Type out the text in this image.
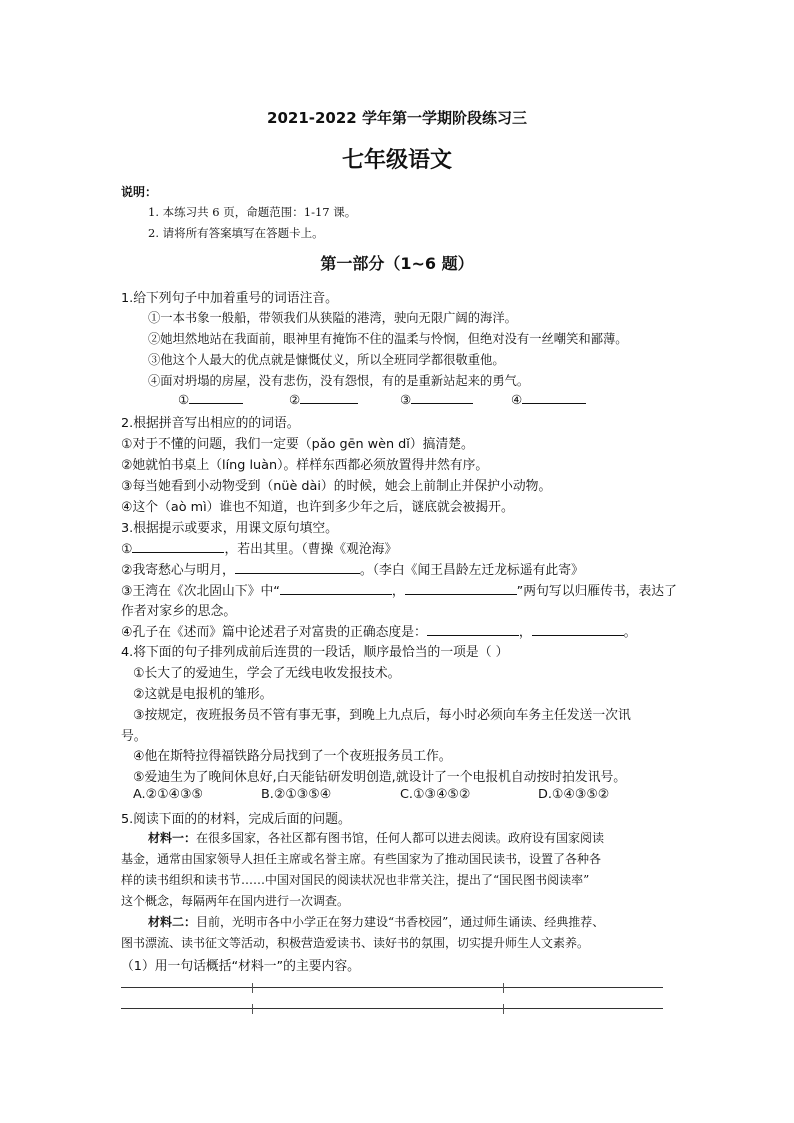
2021-2022 学年第一学期阶段练习三
七年级语文
说明：
1. 本练习共 6 页，命题范围：1-17 课。
2. 请将所有答案填写在答题卡上。
第一部分（1~6 题）
1.给下列句子中加着重号的词语注音。
①一本书象一般船，带领我们从狭隘的港湾，驶向无限广阔的海洋。
②她坦然地站在我面前，眼神里有掩饰不住的温柔与怜悯，但绝对没有一丝嘲笑和鄙薄。
③他这个人最大的优点就是慷慨仗义，所以全班同学都很敬重他。
④面对坍塌的房屋，没有悲伤，没有怨恨，有的是重新站起来的勇气。
①	②	③	④
2.根据拼音写出相应的的词语。
①对于不懂的问题，我们一定要（pǎo gēn wèn dǐ）搞清楚。
②她就怕书桌上（líng luàn）。样样东西都必须放置得井然有序。
③每当她看到小动物受到（nüè dài）的时候，她会上前制止并保护小动物。
④这个（aò mì）谁也不知道，也许到多少年之后，谜底就会被揭开。
3.根据提示或要求，用课文原句填空。
①	，若出其里。（曹操《观沧海》
②我寄愁心与明月，	。（李白《闻王昌龄左迁龙标遥有此寄》
③王湾在《次北固山下》中“	，	”两句写以归雁传书，表达了
作者对家乡的思念。
④孔子在《述而》篇中论述君子对富贵的正确态度是：	，	。
4.将下面的句子排列成前后连贯的一段话，顺序最恰当的一项是（ ）
①长大了的爱迪生，学会了无线电收发报技术。
②这就是电报机的雏形。
③按规定，夜班报务员不管有事无事，到晚上九点后，每小时必须向车务主任发送一次讯
号。
④他在斯特拉得福铁路分局找到了一个夜班报务员工作。
⑤爱迪生为了晚间休息好,白天能钻研发明创造,就设计了一个电报机自动按时拍发讯号。
A.②①④③⑤	B.②①③⑤④	C.①③④⑤②	D.①④③⑤②
5.阅读下面的的材料，完成后面的问题。
材料一：在很多国家，各社区都有图书馆，任何人都可以进去阅读。政府设有国家阅读
基金，通常由国家领导人担任主席或名誉主席。有些国家为了推动国民读书，设置了各种各
样的读书组织和读书节……中国对国民的阅读状况也非常关注，提出了“国民图书阅读率”
这个概念，每隔两年在国内进行一次调查。
材料二：目前，光明市各中小学正在努力建设“书香校园”，通过师生诵读、经典推荐、
图书漂流、读书征文等活动，积极营造爱读书、读好书的氛围，切实提升师生人文素养。
（1）用一句话概括“材料一”的主要内容。
